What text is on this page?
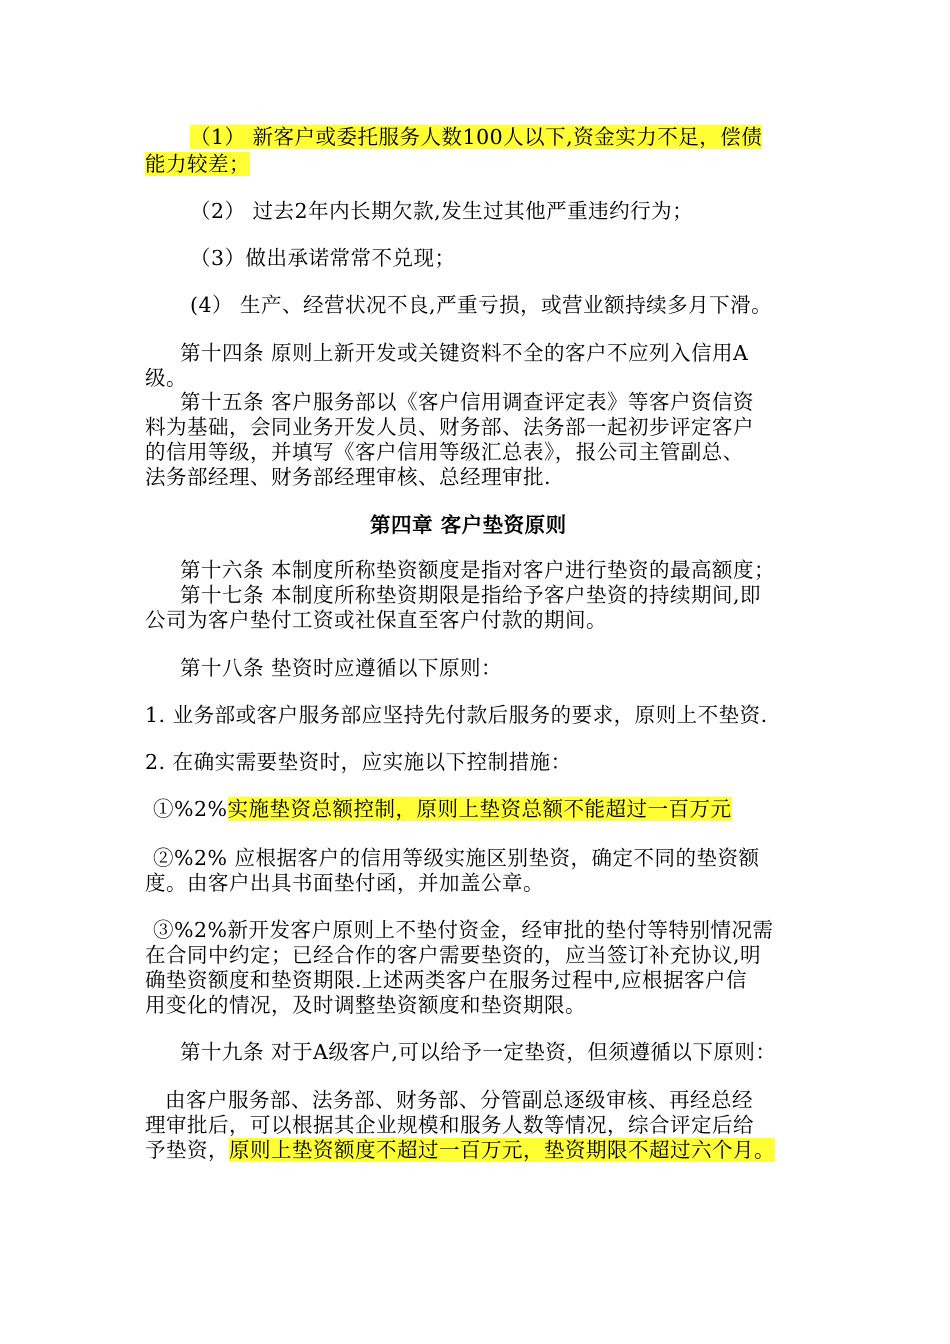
（1） 新客户或委托服务人数100人以下,资金实力不足，偿债
能力较差；
（2） 过去2年内长期欠款,发生过其他严重违约行为；
（3）做出承诺常常不兑现；
(4） 生产、经营状况不良,严重亏损，或营业额持续多月下滑。
第十四条 原则上新开发或关键资料不全的客户不应列入信用A
级。
第十五条 客户服务部以《客户信用调查评定表》等客户资信资
料为基础，会同业务开发人员、财务部、法务部一起初步评定客户
的信用等级，并填写《客户信用等级汇总表》，报公司主管副总、
法务部经理、财务部经理审核、总经理审批.
第四章 客户垫资原则
第十六条 本制度所称垫资额度是指对客户进行垫资的最高额度；
第十七条 本制度所称垫资期限是指给予客户垫资的持续期间,即
公司为客户垫付工资或社保直至客户付款的期间。
第十八条 垫资时应遵循以下原则：
1. 业务部或客户服务部应坚持先付款后服务的要求，原则上不垫资.
2. 在确实需要垫资时，应实施以下控制措施：
①%2%实施垫资总额控制，原则上垫资总额不能超过一百万元
②%2% 应根据客户的信用等级实施区别垫资，确定不同的垫资额
度。由客户出具书面垫付函，并加盖公章。
③%2%新开发客户原则上不垫付资金，经审批的垫付等特别情况需
在合同中约定；已经合作的客户需要垫资的，应当签订补充协议,明
确垫资额度和垫资期限.上述两类客户在服务过程中,应根据客户信
用变化的情况，及时调整垫资额度和垫资期限。
第十九条 对于A级客户,可以给予一定垫资，但须遵循以下原则：
由客户服务部、法务部、财务部、分管副总逐级审核、再经总经
理审批后，可以根据其企业规模和服务人数等情况，综合评定后给
予垫资，原则上垫资额度不超过一百万元，垫资期限不超过六个月。
